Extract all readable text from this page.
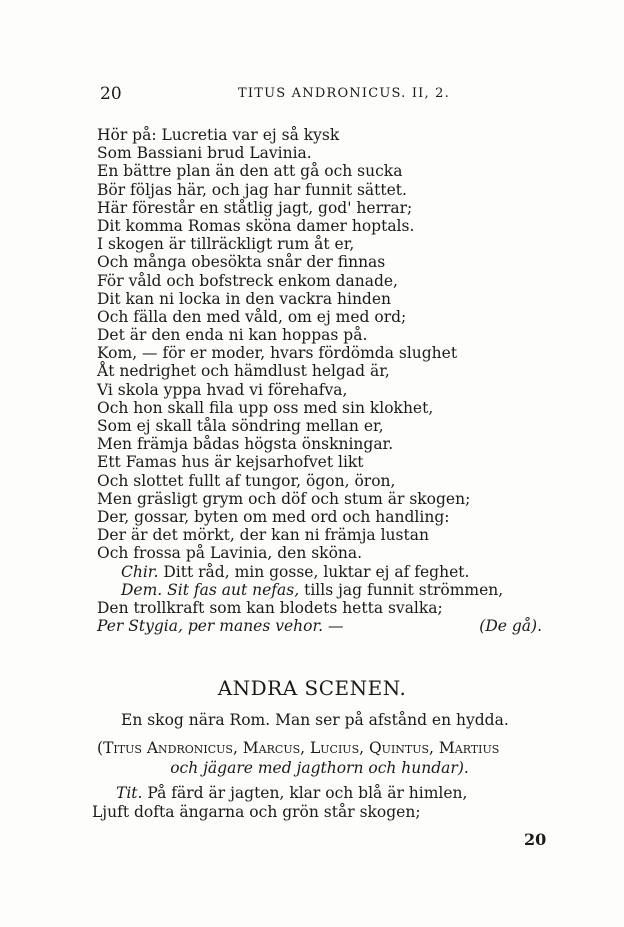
20	TITUS ANDRONICUS. II, 2.
Hör på: Lucretia var ej så kysk
Som Bassiani brud Lavinia.
En bättre plan än den att gå och sucka
Bör följas här, och jag har funnit sättet.
Här förestår en ståtlig jagt, god' herrar;
Dit komma Romas sköna damer hoptals.
I skogen är tillräckligt rum åt er,
Och många obesökta snår der finnas
För våld och bofstreck enkom danade,
Dit kan ni locka in den vackra hinden
Och fälla den med våld, om ej med ord;
Det är den enda ni kan hoppas på.
Kom, — för er moder, hvars fördömda slughet
Åt nedrighet och hämdlust helgad är,
Vi skola yppa hvad vi förehafva,
Och hon skall fila upp oss med sin klokhet,
Som ej skall tåla söndring mellan er,
Men främja bådas högsta önskningar.
Ett Famas hus är kejsarhofvet likt
Och slottet fullt af tungor, ögon, öron,
Men gräsligt grym och döf och stum är skogen;
Der, gossar, byten om med ord och handling:
Der är det mörkt, der kan ni främja lustan
Och frossa på Lavinia, den sköna.
Chir. Ditt råd, min gosse, luktar ej af feghet.
Dem. Sit fas aut nefas, tills jag funnit strömmen,
Den trollkraft som kan blodets hetta svalka;
Per Stygia, per manes vehor. —	(De gå).
ANDRA SCENEN.
En skog nära Rom. Man ser på afstånd en hydda.
(Titus Andronicus, Marcus, Lucius, Quintus, Martius
och jägare med jagthorn och hundar).
Tit. På färd är jagten, klar och blå är himlen,
Ljuft dofta ängarna och grön står skogen;
20
